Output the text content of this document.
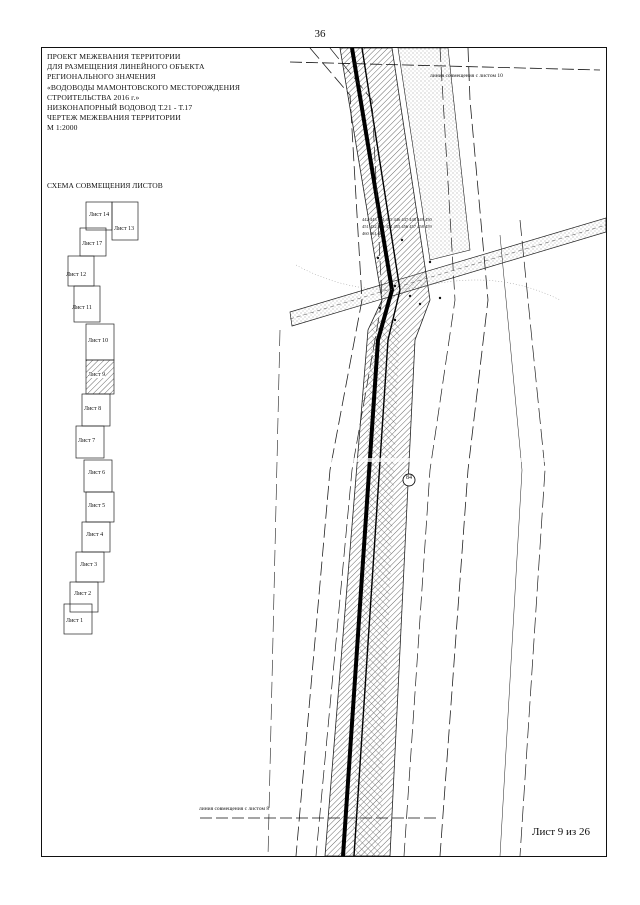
36
ПРОЕКТ МЕЖЕВАНИЯ ТЕРРИТОРИИ
ДЛЯ РАЗМЕЩЕНИЯ ЛИНЕЙНОГО ОБЪЕКТА
РЕГИОНАЛЬНОГО ЗНАЧЕНИЯ
«ВОДОВОДЫ МАМОНТОВСКОГО МЕСТОРОЖДЕНИЯ
СТРОИТЕЛЬСТВА 2016 г.»
НИЗКОНАПОРНЫЙ ВОДОВОД Т.21 - Т.17
ЧЕРТЕЖ МЕЖЕВАНИЯ ТЕРРИТОРИИ
М 1:2000
СХЕМА СОВМЕЩЕНИЯ ЛИСТОВ
Лист 14
Лист 13
Лист 17
Лист 12
Лист 11
Лист 10
Лист 9
Лист 8
Лист 7
Лист 6
Лист 5
Лист 4
Лист 3
Лист 2
Лист 1
линия совмещения с листом 10
линия совмещения с листом 8
84
442 443 444 445 446 447 448 449 450 451 452 453 454 455 456 457 458 459 460 461 462
Лист 9 из 26
